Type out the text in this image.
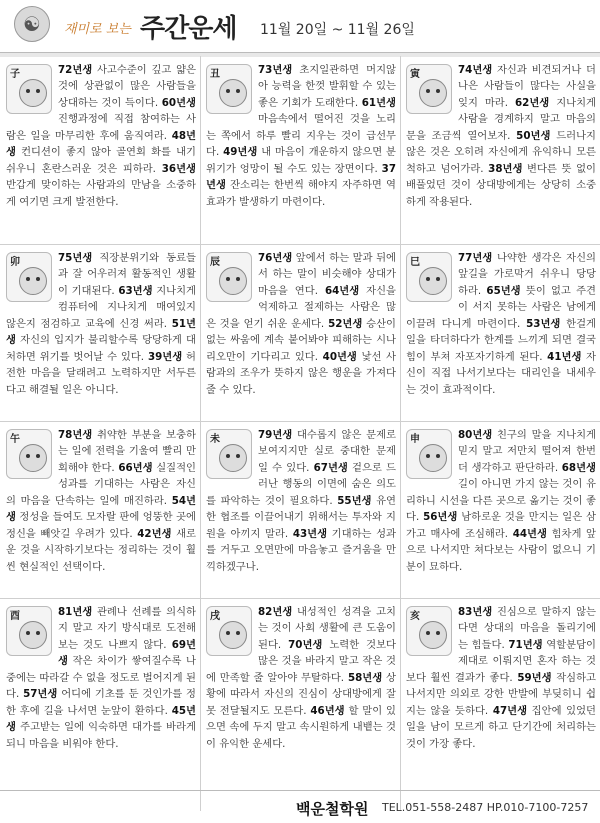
☯	재미로 보는 주간운세 11월 20일 ~ 11월 26일
子	72년생 사고수준이 깊고 얇은 것에 상관없이 많은 사람들을 상대하는 것이 득이다. 60년생 진행과정에 직접 참여하는 사람은 일을 마무리한 후에 움직여라. 48년생 컨디션이 좋지 않아 골연회 화를 내기 쉬우니 혼란스러운 것은 피하라. 36년생 반갑게 맞이하는 사람과의 만남을 소중하게 여기면 크게 발전한다.
丑	73년생 초지일관하면 머지않아 능력을 한껏 발휘할 수 있는 좋은 기회가 도래한다. 61년생 마음속에서 떨어진 것을 노리는 쪽에서 하루 빨리 지우는 것이 급선무다. 49년생 내 마음이 개운하지 않으면 분위기가 엉망이 될 수도 있는 장면이다. 37년생 잔소리는 한번씩 해야지 자주하면 역효과가 발생하기 마련이다.
寅	74년생 자신과 비견되거나 더 나은 사람들이 많다는 사실을 잊지 마라. 62년생 지나치게 사람을 경계하지 말고 마음의 문을 조금씩 열어보자. 50년생 드러나지 않은 것은 오히려 자신에게 유익하니 모른척하고 넘어가라. 38년생 변다른 뜻 없이 배풀었던 것이 상대방에게는 상당히 소중하게 작용된다.
卯	75년생 직장분위기와 동료들과 잘 어우러져 활동적인 생활이 기대된다. 63년생 지나치게 컴퓨터에 지나치게 매여있지 않은지 점검하고 교육에 신경 써라. 51년생 자신의 입지가 불리할수록 당당하게 대처하면 위기를 벗어날 수 있다. 39년생 허전한 마음을 달래려고 노력하지만 서두른다고 해결될 일은 아니다.
辰	76년생 앞에서 하는 말과 뒤에서 하는 말이 비슷해야 상대가 마음을 연다. 64년생 자신을 억제하고 절제하는 사람은 많은 것을 얻기 쉬운 운세다. 52년생 승산이 없는 싸움에 계속 붙어봐야 피해하는 시나리오만이 기다리고 있다. 40년생 낯선 사람과의 조우가 뜻하지 않은 행운을 가져다줄 수 있다.
巳	77년생 나약한 생각은 자신의 앞길을 가로막거 쉬우니 당당하라. 65년생 뜻이 없고 주견이 서지 못하는 사람은 남에게 이끌려 다니게 마련이다. 53년생 한걸게 일을 타더하다가 한계를 느끼게 되면 결국 힘이 부쳐 자포자기하게 된다. 41년생 자신이 직접 나서기보다는 대리인을 내세우는 것이 효과적이다.
午	78년생 취약한 부분을 보충하는 일에 전력을 기울여 빨리 만회해야 한다. 66년생 실질적인 성과를 기대하는 사람은 자신의 마음을 단속하는 일에 매진하라. 54년생 정성을 들여도 모자랄 판에 엉뚱한 곳에 정신을 빼앗길 우려가 있다. 42년생 새로운 것을 시작하기보다는 정리하는 것이 훨씬 현실적인 선택이다.
未	79년생 대수롭지 않은 문제로 보여지지만 실로 중대한 문제일 수 있다. 67년생 겉으로 드러난 행동의 이면에 숨은 의도를 파악하는 것이 필요하다. 55년생 유연한 협조를 이끌어내기 위해서는 투자와 지원을 아끼지 말라. 43년생 기대하는 성과를 거두고 오면만에 마음놓고 즐거움을 만끽하겠구나.
申	80년생 친구의 말을 지나치게 믿지 말고 저만치 떨어져 한번 더 생각하고 판단하라. 68년생 길이 아니면 가지 않는 것이 유리하니 시선을 다른 곳으로 옮기는 것이 좋다. 56년생 남하로운 것을 만지는 일은 삼가고 매사에 조심해라. 44년생 힘차게 앞으로 나서지만 쳐다보는 사람이 없으니 기분이 묘하다.
酉	81년생 관례나 선례를 의식하지 말고 자기 방식대로 도전해보는 것도 나쁘지 않다. 69년생 작은 차이가 쌓여질수록 나중에는 따라갈 수 없을 정도로 벌어지게 된다. 57년생 어디에 기초를 둔 것인가를 정한 후에 길을 나서면 눈앞이 환하다. 45년생 주고받는 일에 익숙하면 대가를 바라게 되니 마음을 비워야 한다.
戌	82년생 내성적인 성격을 고치는 것이 사회 생활에 큰 도움이 된다. 70년생 노력한 것보다 많은 것을 바라지 말고 작은 것에 만족할 줄 알아야 무탈하다. 58년생 상황에 따라서 자신의 진심이 상대방에게 잘못 전달될지도 모른다. 46년생 할 말이 있으면 속에 두지 말고 속시원하게 내뱉는 것이 유익한 운세다.
亥	83년생 진심으로 말하지 않는다면 상대의 마음을 돌리기에는 힘들다. 71년생 역할분담이 제대로 이뤄지면 혼자 하는 것보다 훨씬 결과가 좋다. 59년생 작심하고 나서지만 의외로 강한 반발에 부딪히니 쉽지는 않을 듯하다. 47년생 집안에 있었던 일을 남이 모르게 하고 단기간에 처리하는 것이 가장 좋다.
백운철학원 TEL.051-558-2487 HP.010-7100-7257
